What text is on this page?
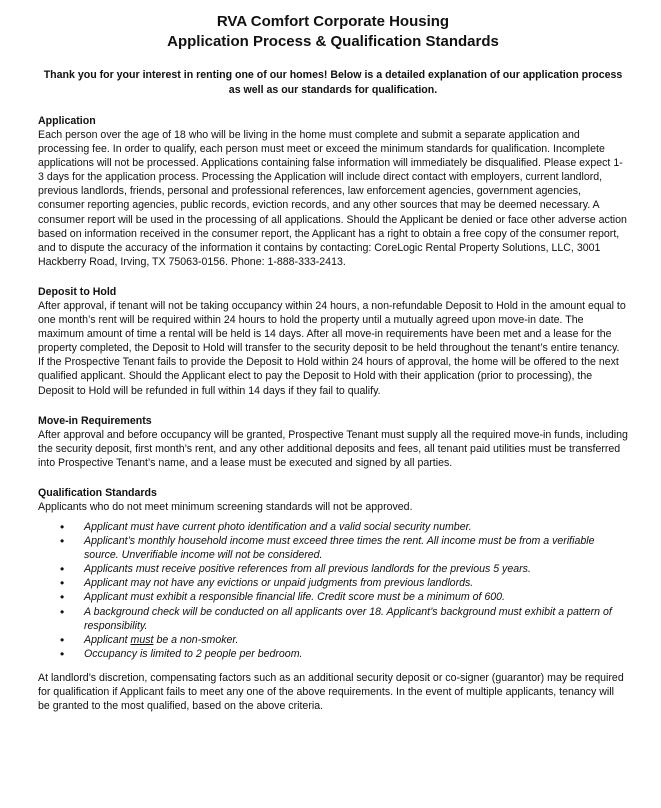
RVA Comfort Corporate Housing

Application Process & Qualification Standards

Thank you for your interest in renting one of our homes! Below is a detailed explanation of our application process as well as our standards for qualification.

Application

Each person over the age of 18 who will be living in the home must complete and submit a separate application and processing fee. In order to qualify, each person must meet or exceed the minimum standards for qualification. Incomplete applications will not be processed. Applications containing false information will immediately be disqualified. Please expect 1-3 days for the application process. Processing the Application will include direct contact with employers, current landlord, previous landlords, friends, personal and professional references, law enforcement agencies, government agencies, consumer reporting agencies, public records, eviction records, and any other sources that may be deemed necessary. A consumer report will be used in the processing of all applications. Should the Applicant be denied or face other adverse action based on information received in the consumer report, the Applicant has a right to obtain a free copy of the consumer report, and to dispute the accuracy of the information it contains by contacting: CoreLogic Rental Property Solutions, LLC, 3001 Hackberry Road, Irving, TX 75063-0156. Phone: 1-888-333-2413.

Deposit to Hold

After approval, if tenant will not be taking occupancy within 24 hours, a non-refundable Deposit to Hold in the amount equal to one month’s rent will be required within 24 hours to hold the property until a mutually agreed upon move-in date. The maximum amount of time a rental will be held is 14 days. After all move-in requirements have been met and a lease for the property completed, the Deposit to Hold will transfer to the security deposit to be held throughout the tenant’s entire tenancy. If the Prospective Tenant fails to provide the Deposit to Hold within 24 hours of approval, the home will be offered to the next qualified applicant. Should the Applicant elect to pay the Deposit to Hold with their application (prior to processing), the Deposit to Hold will be refunded in full within 14 days if they fail to qualify.

Move-in Requirements

After approval and before occupancy will be granted, Prospective Tenant must supply all the required move-in funds, including the security deposit, first month’s rent, and any other additional deposits and fees, all tenant paid utilities must be transferred into Prospective Tenant’s name, and a lease must be executed and signed by all parties.

Qualification Standards

Applicants who do not meet minimum screening standards will not be approved.

• Applicant must have current photo identification and a valid social security number.
• Applicant’s monthly household income must exceed three times the rent. All income must be from a verifiable source. Unverifiable income will not be considered.
• Applicants must receive positive references from all previous landlords for the previous 5 years.
• Applicant may not have any evictions or unpaid judgments from previous landlords.
• Applicant must exhibit a responsible financial life. Credit score must be a minimum of 600.
• A background check will be conducted on all applicants over 18. Applicant’s background must exhibit a pattern of responsibility.
• Applicant must be a non-smoker.
• Occupancy is limited to 2 people per bedroom.

At landlord’s discretion, compensating factors such as an additional security deposit or co-signer (guarantor) may be required for qualification if Applicant fails to meet any one of the above requirements. In the event of multiple applicants, tenancy will be granted to the most qualified, based on the above criteria.
